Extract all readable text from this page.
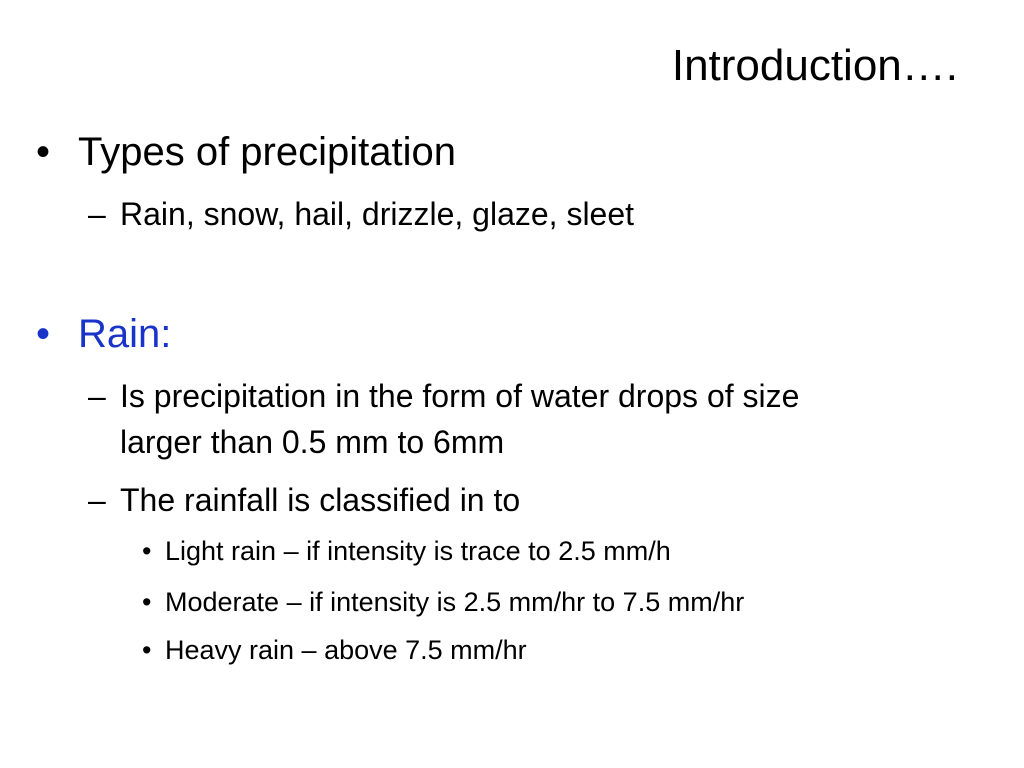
Introduction….
• Types of precipitation
– Rain, snow, hail, drizzle, glaze, sleet
• Rain:
– Is precipitation in the form of water drops of size
larger than 0.5 mm to 6mm
– The rainfall is classified in to
• Light rain – if intensity is trace to 2.5 mm/h
• Moderate – if intensity is 2.5 mm/hr to 7.5 mm/hr
• Heavy rain – above 7.5 mm/hr
